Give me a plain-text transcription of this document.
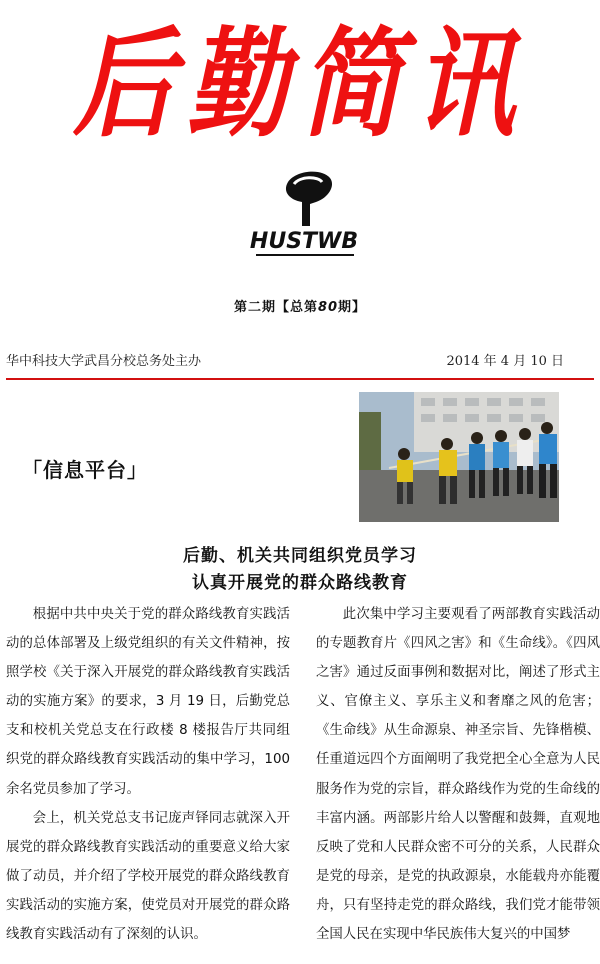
后勤简讯
HUSTWB
第二期【总第80期】
华中科技大学武昌分校总务处主办	2014 年 4 月 10 日
「信息平台」
后勤、机关共同组织党员学习
认真开展党的群众路线教育

根据中共中央关于党的群众路线教育实践活动的总体部署及上级党组织的有关文件精神，按照学校《关于深入开展党的群众路线教育实践活动的实施方案》的要求，3 月 19 日，后勤党总支和校机关党总支在行政楼 8 楼报告厅共同组织党的群众路线教育实践活动的集中学习，100 余名党员参加了学习。

会上，机关党总支书记庞声铎同志就深入开展党的群众路线教育实践活动的重要意义给大家做了动员，并介绍了学校开展党的群众路线教育实践活动的实施方案，使党员对开展党的群众路线教育实践活动有了深刻的认识。

此次集中学习主要观看了两部教育实践活动的专题教育片《四风之害》和《生命线》。《四风之害》通过反面事例和数据对比，阐述了形式主义、官僚主义、享乐主义和奢靡之风的危害；《生命线》从生命源泉、神圣宗旨、先锋楷模、任重道远四个方面阐明了我党把全心全意为人民服务作为党的宗旨，群众路线作为党的生命线的丰富内涵。两部影片给人以警醒和鼓舞，直观地反映了党和人民群众密不可分的关系，人民群众是党的母亲，是党的执政源泉，水能载舟亦能覆舟，只有坚持走党的群众路线，我们党才能带领全国人民在实现中华民族伟大复兴的中国梦
